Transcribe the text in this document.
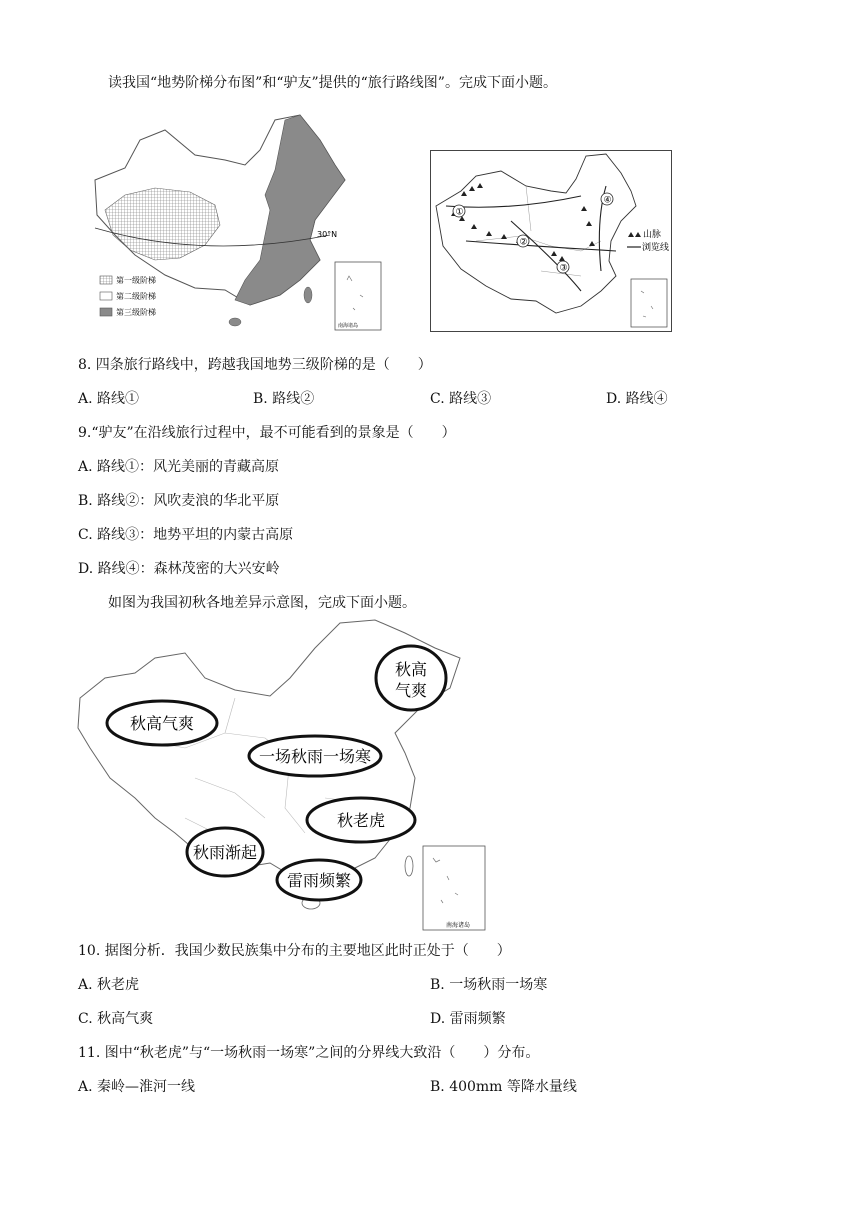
读我国“地势阶梯分布图”和“驴友”提供的“旅行路线图”。完成下面小题。
30°N
第一级阶梯
第二级阶梯
第三级阶梯
南海诸岛
①
②
③
④
山脉
浏览线
8. 四条旅行路线中，跨越我国地势三级阶梯的是（　　）
A. 路线①	B. 路线②	C. 路线③	D. 路线④
9.“驴友”在沿线旅行过程中，最不可能看到的景象是（　　）
A. 路线①：风光美丽的青藏高原
B. 路线②：风吹麦浪的华北平原
C. 路线③：地势平坦的内蒙古高原
D. 路线④：森林茂密的大兴安岭
如图为我国初秋各地差异示意图，完成下面小题。
秋高气爽
秋高
气爽
一场秋雨一场寒
秋老虎
秋雨渐起
雷雨频繁
南海诸岛
10. 据图分析．我国少数民族集中分布的主要地区此时正处于（　　）
A. 秋老虎	B. 一场秋雨一场寒
C. 秋高气爽	D. 雷雨频繁
11. 图中“秋老虎”与“一场秋雨一场寒”之间的分界线大致沿（　　）分布。
A. 秦岭—淮河一线	B. 400mm 等降水量线
